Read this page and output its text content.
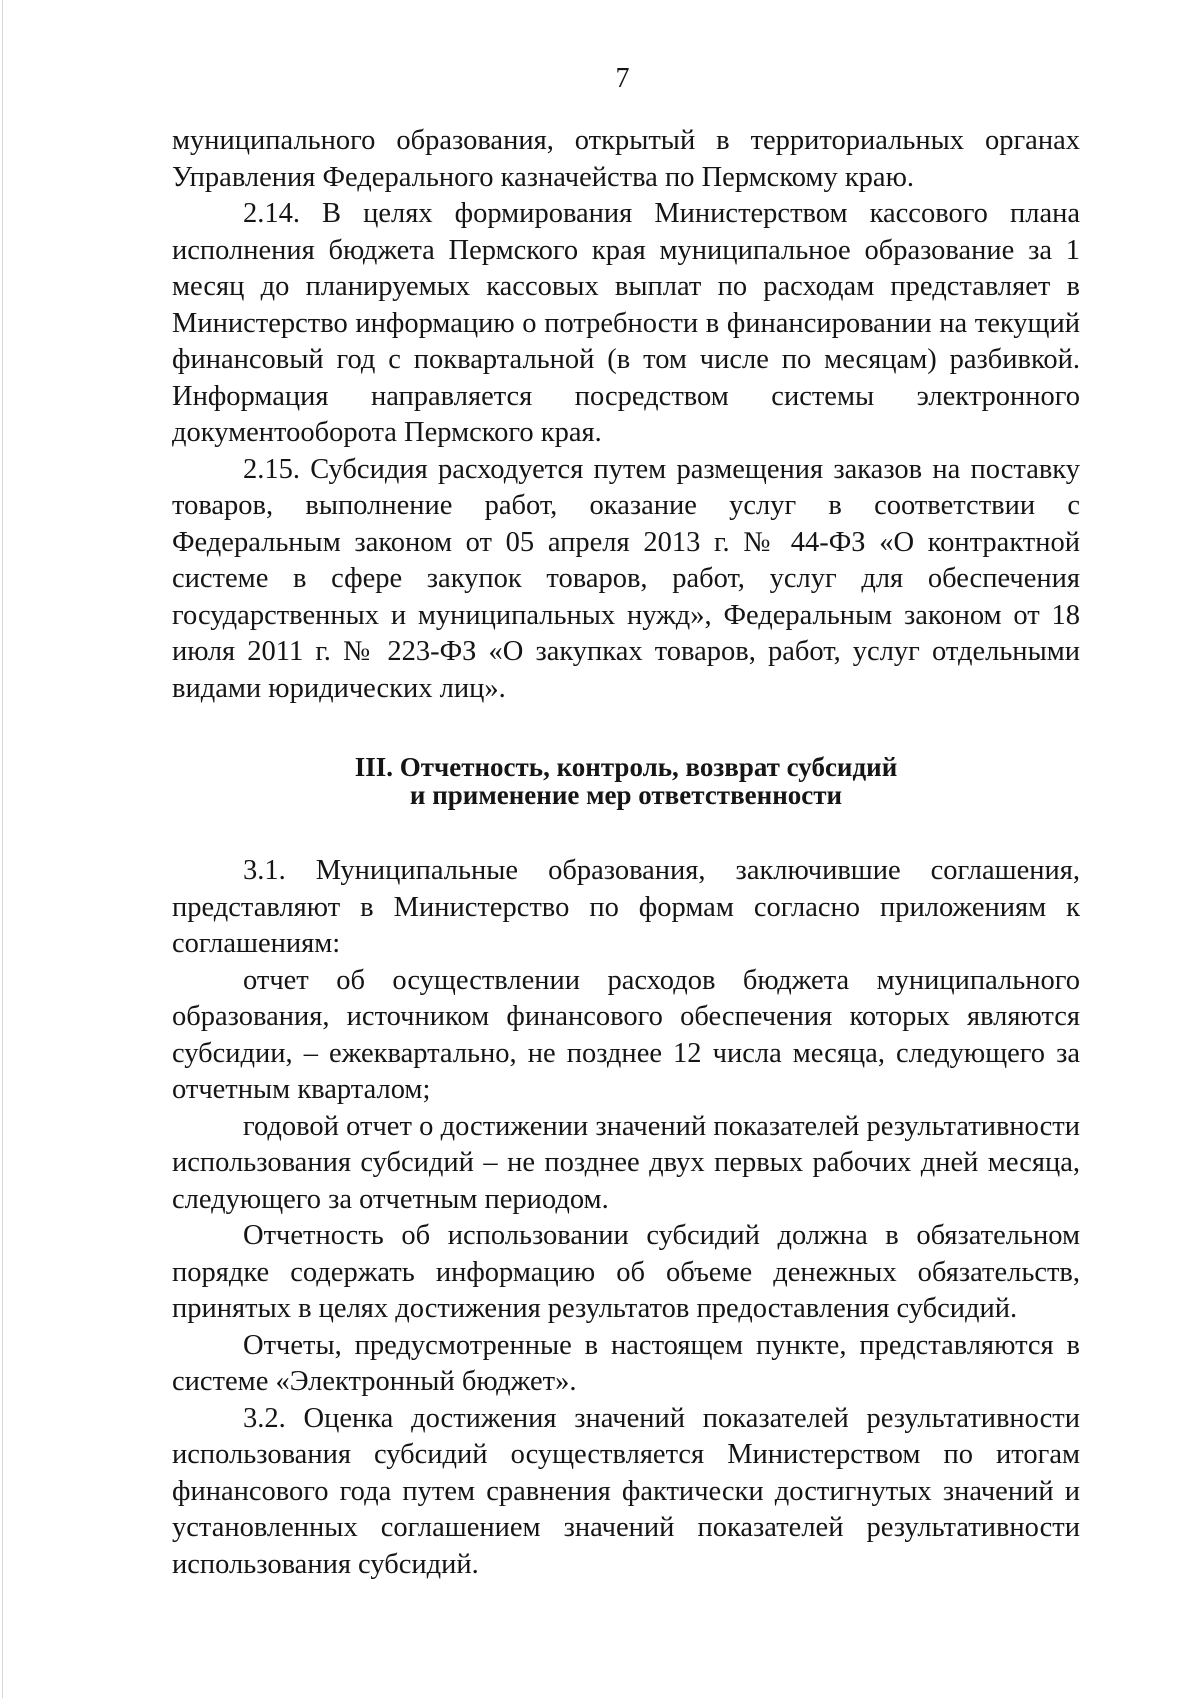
7

муниципального образования, открытый в территориальных органах Управления Федерального казначейства по Пермскому краю.

2.14. В целях формирования Министерством кассового плана исполнения бюджета Пермского края муниципальное образование за 1 месяц до планируемых кассовых выплат по расходам представляет в Министерство информацию о потребности в финансировании на текущий финансовый год с поквартальной (в том числе по месяцам) разбивкой. Информация направляется посредством системы электронного документооборота Пермского края.

2.15. Субсидия расходуется путем размещения заказов на поставку товаров, выполнение работ, оказание услуг в соответствии с Федеральным законом от 05 апреля 2013 г. № 44-ФЗ «О контрактной системе в сфере закупок товаров, работ, услуг для обеспечения государственных и муниципальных нужд», Федеральным законом от 18 июля 2011 г. № 223-ФЗ «О закупках товаров, работ, услуг отдельными видами юридических лиц».

III. Отчетность, контроль, возврат субсидий
и применение мер ответственности

3.1. Муниципальные образования, заключившие соглашения, представляют в Министерство по формам согласно приложениям к соглашениям:

отчет об осуществлении расходов бюджета муниципального образования, источником финансового обеспечения которых являются субсидии, – ежеквартально, не позднее 12 числа месяца, следующего за отчетным кварталом;

годовой отчет о достижении значений показателей результативности использования субсидий – не позднее двух первых рабочих дней месяца, следующего за отчетным периодом.

Отчетность об использовании субсидий должна в обязательном порядке содержать информацию об объеме денежных обязательств, принятых в целях достижения результатов предоставления субсидий.

Отчеты, предусмотренные в настоящем пункте, представляются в системе «Электронный бюджет».

3.2. Оценка достижения значений показателей результативности использования субсидий осуществляется Министерством по итогам финансового года путем сравнения фактически достигнутых значений и установленных соглашением значений показателей результативности использования субсидий.
